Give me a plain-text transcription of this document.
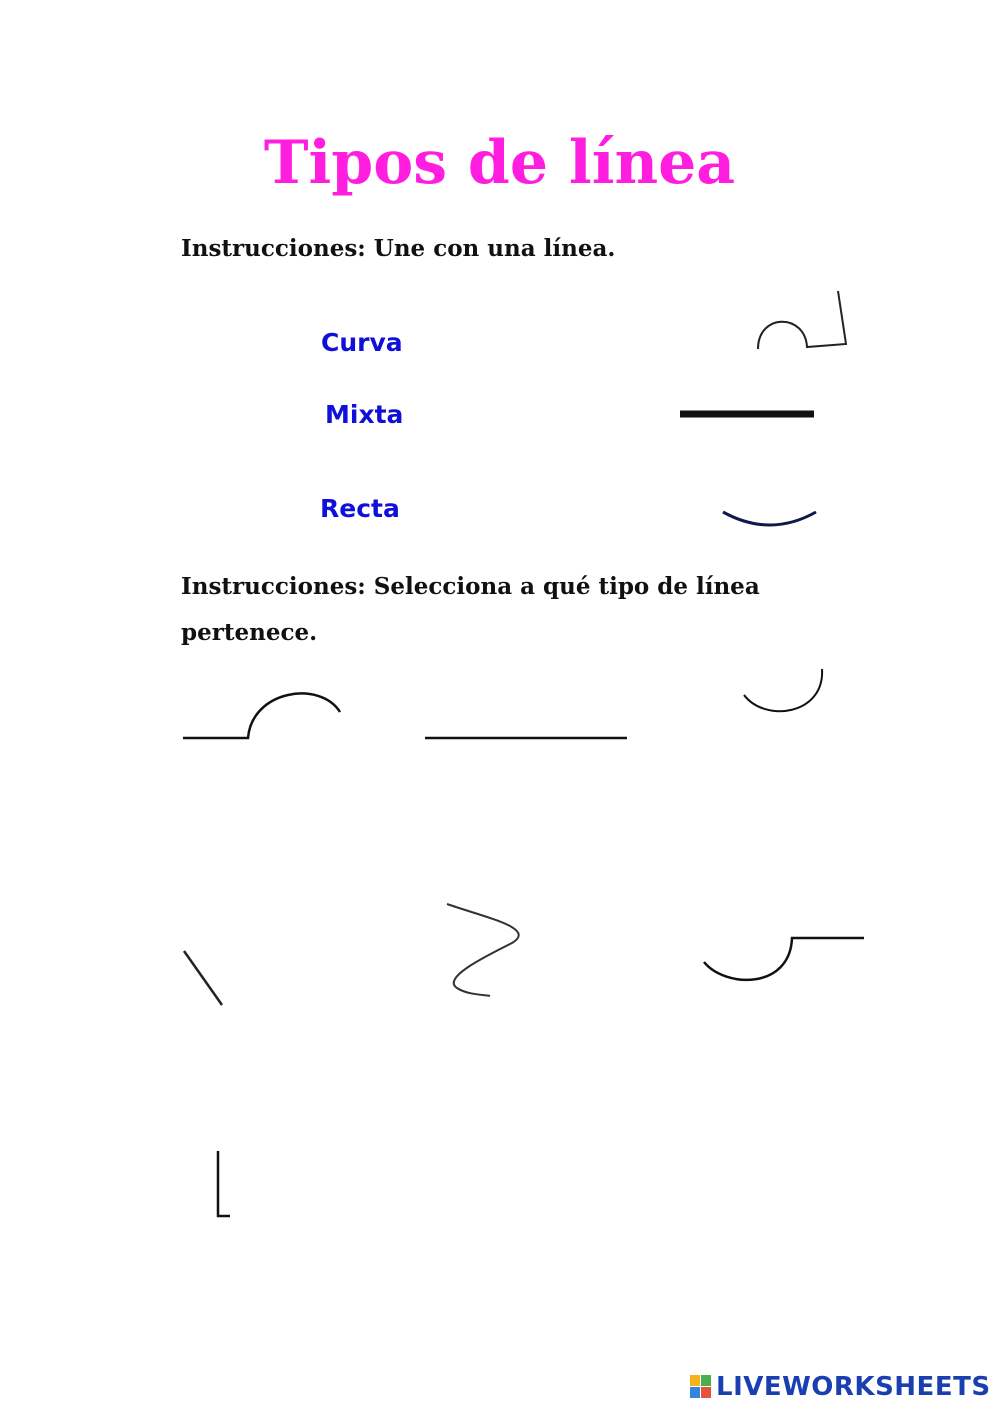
Tipos de línea
Instrucciones: Une con una línea.
Curva
Mixta
Recta
Instrucciones: Selecciona a qué tipo de línea pertenece.
LIVEWORKSHEETS
